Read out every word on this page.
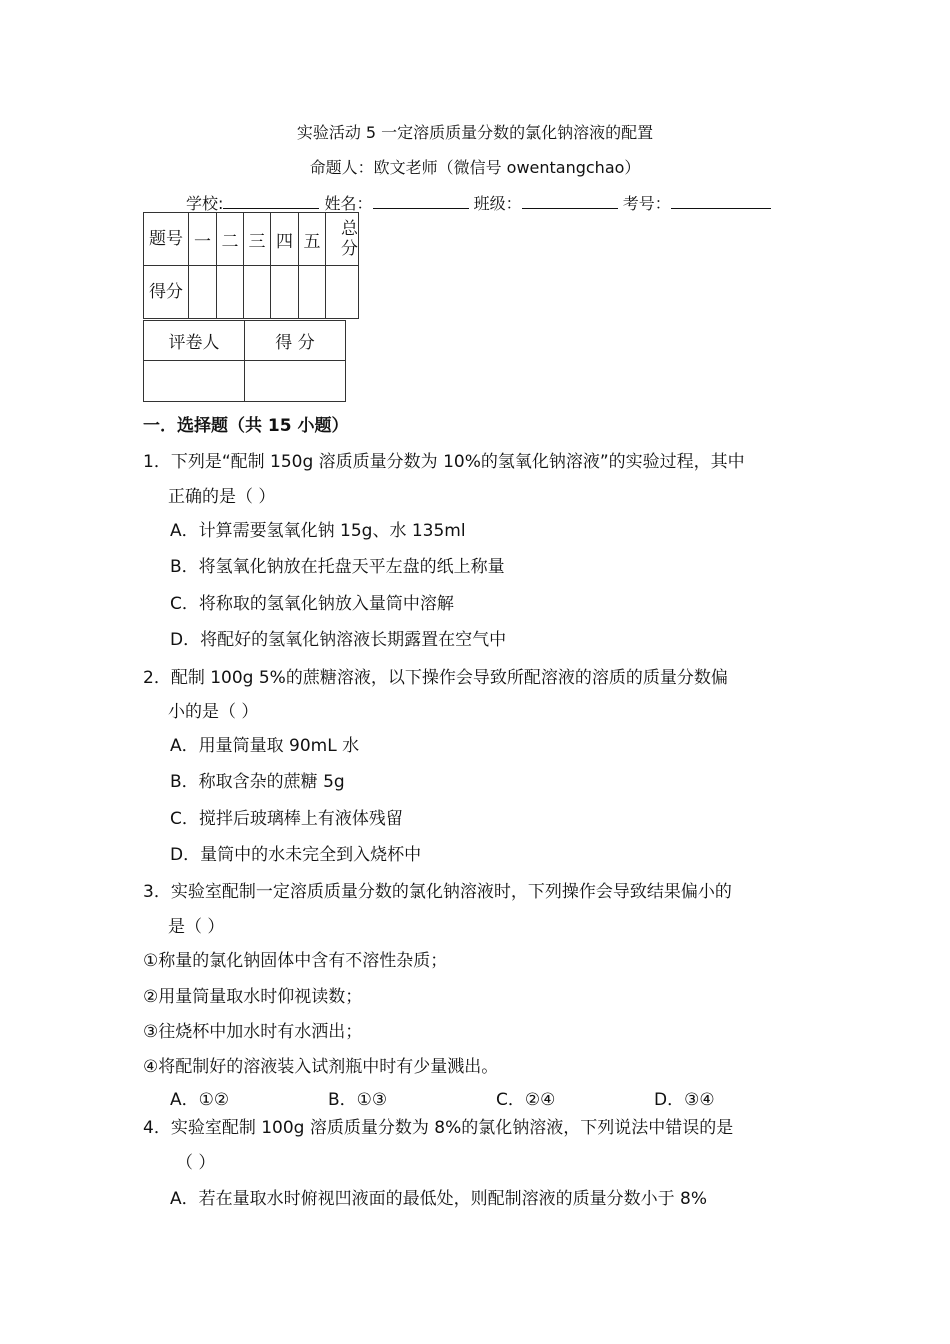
实验活动 5 一定溶质质量分数的氯化钠溶液的配置
命题人：欧文老师（微信号 owentangchao）
学校:	姓名：	班级：	考号：
题号	一	二	三	四	五	总分
得分						
评卷人	得 分

一．选择题（共 15 小题）
1．下列是“配制 150g 溶质质量分数为 10%的氢氧化钠溶液”的实验过程，其中
正确的是（ ）
A．计算需要氢氧化钠 15g、水 135ml
B．将氢氧化钠放在托盘天平左盘的纸上称量
C．将称取的氢氧化钠放入量筒中溶解
D．将配好的氢氧化钠溶液长期露置在空气中
2．配制 100g 5%的蔗糖溶液，以下操作会导致所配溶液的溶质的质量分数偏
小的是（ ）
A．用量筒量取 90mL 水
B．称取含杂的蔗糖 5g
C．搅拌后玻璃棒上有液体残留
D．量筒中的水未完全到入烧杯中
3．实验室配制一定溶质质量分数的氯化钠溶液时，下列操作会导致结果偏小的
是（ ）
①称量的氯化钠固体中含有不溶性杂质；
②用量筒量取水时仰视读数；
③往烧杯中加水时有水洒出；
④将配制好的溶液装入试剂瓶中时有少量溅出。
A．①②	B．①③	C．②④	D．③④
4．实验室配制 100g 溶质质量分数为 8%的氯化钠溶液，下列说法中错误的是
（ ）
A．若在量取水时俯视凹液面的最低处，则配制溶液的质量分数小于 8%
